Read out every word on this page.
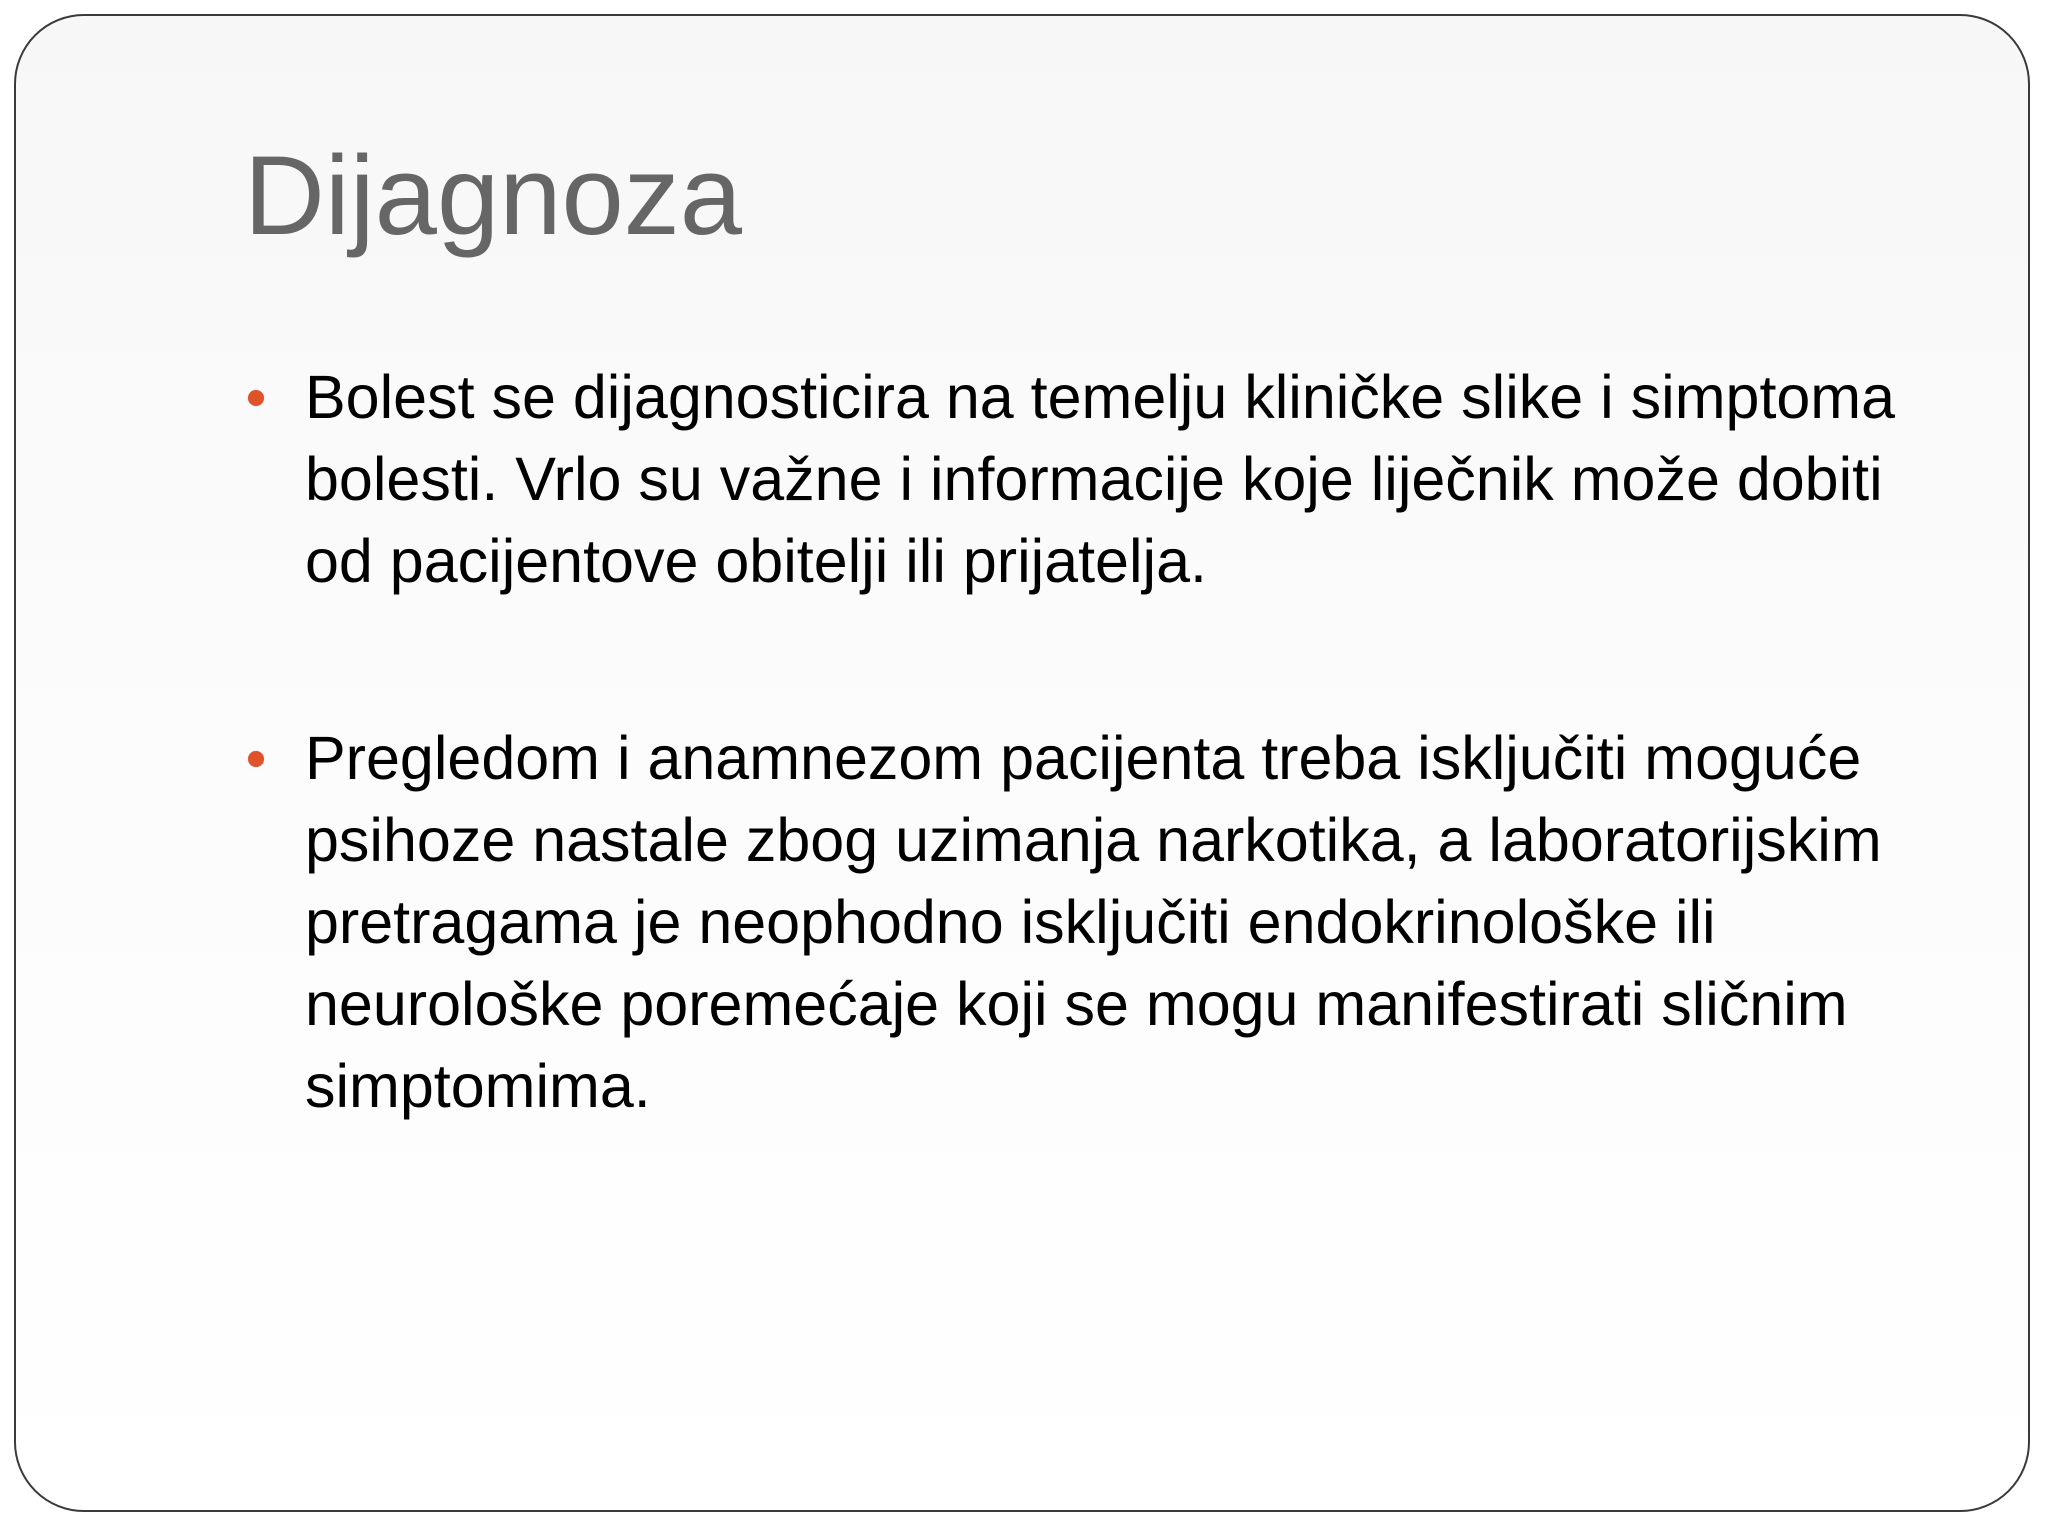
Dijagnoza
Bolest se dijagnosticira na temelju kliničke slike i simptoma bolesti. Vrlo su važne i informacije koje liječnik može dobiti od pacijentove obitelji ili prijatelja.
Pregledom i anamnezom pacijenta treba isključiti moguće psihoze nastale zbog uzimanja narkotika, a laboratorijskim pretragama je neophodno isključiti endokrinološke ili neurološke poremećaje koji se mogu manifestirati sličnim simptomima.
